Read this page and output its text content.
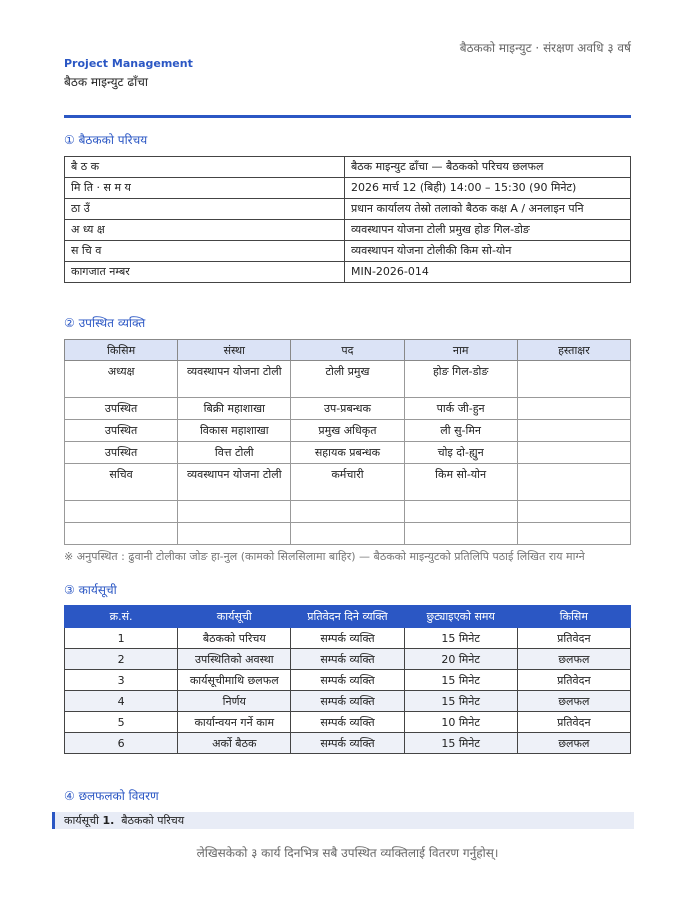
बैठकको माइन्युट · संरक्षण अवधि ३ वर्ष
Project Management
बैठक माइन्युट ढाँचा
① बैठकको परिचय
बै ठ क	बैठक माइन्युट ढाँचा — बैठकको परिचय छलफल
मि ति · स म य	2026 मार्च 12 (बिही) 14:00 – 15:30 (90 मिनेट)
ठा उँ	प्रधान कार्यालय तेस्रो तलाको बैठक कक्ष A / अनलाइन पनि
अ ध्य क्ष	व्यवस्थापन योजना टोली प्रमुख होङ गिल-डोङ
स चि व	व्यवस्थापन योजना टोलीकी किम सो-योन
कागजात नम्बर	MIN-2026-014
② उपस्थित व्यक्ति
किसिम	संस्था	पद	नाम	हस्ताक्षर
अध्यक्ष	व्यवस्थापन योजना टोली	टोली प्रमुख	होङ गिल-डोङ	
उपस्थित	बिक्री महाशाखा	उप-प्रबन्धक	पार्क जी-हुन	
उपस्थित	विकास महाशाखा	प्रमुख अधिकृत	ली सु-मिन	
उपस्थित	वित्त टोली	सहायक प्रबन्धक	चोइ दो-ह्युन	
सचिव	व्यवस्थापन योजना टोली	कर्मचारी	किम सो-योन	

※ अनुपस्थित : ढुवानी टोलीका जोङ हा-नुल (कामको सिलसिलामा बाहिर) — बैठकको माइन्युटको प्रतिलिपि पठाई लिखित राय माग्ने
③ कार्यसूची
क्र.सं.	कार्यसूची	प्रतिवेदन दिने व्यक्ति	छुट्याइएको समय	किसिम
1	बैठकको परिचय	सम्पर्क व्यक्ति	15 मिनेट	प्रतिवेदन
2	उपस्थितिको अवस्था	सम्पर्क व्यक्ति	20 मिनेट	छलफल
3	कार्यसूचीमाथि छलफल	सम्पर्क व्यक्ति	15 मिनेट	प्रतिवेदन
4	निर्णय	सम्पर्क व्यक्ति	15 मिनेट	छलफल
5	कार्यान्वयन गर्ने काम	सम्पर्क व्यक्ति	10 मिनेट	प्रतिवेदन
6	अर्को बैठक	सम्पर्क व्यक्ति	15 मिनेट	छलफल
④ छलफलको विवरण
कार्यसूची 1. बैठकको परिचय
लेखिसकेको ३ कार्य दिनभित्र सबै उपस्थित व्यक्तिलाई वितरण गर्नुहोस्।
